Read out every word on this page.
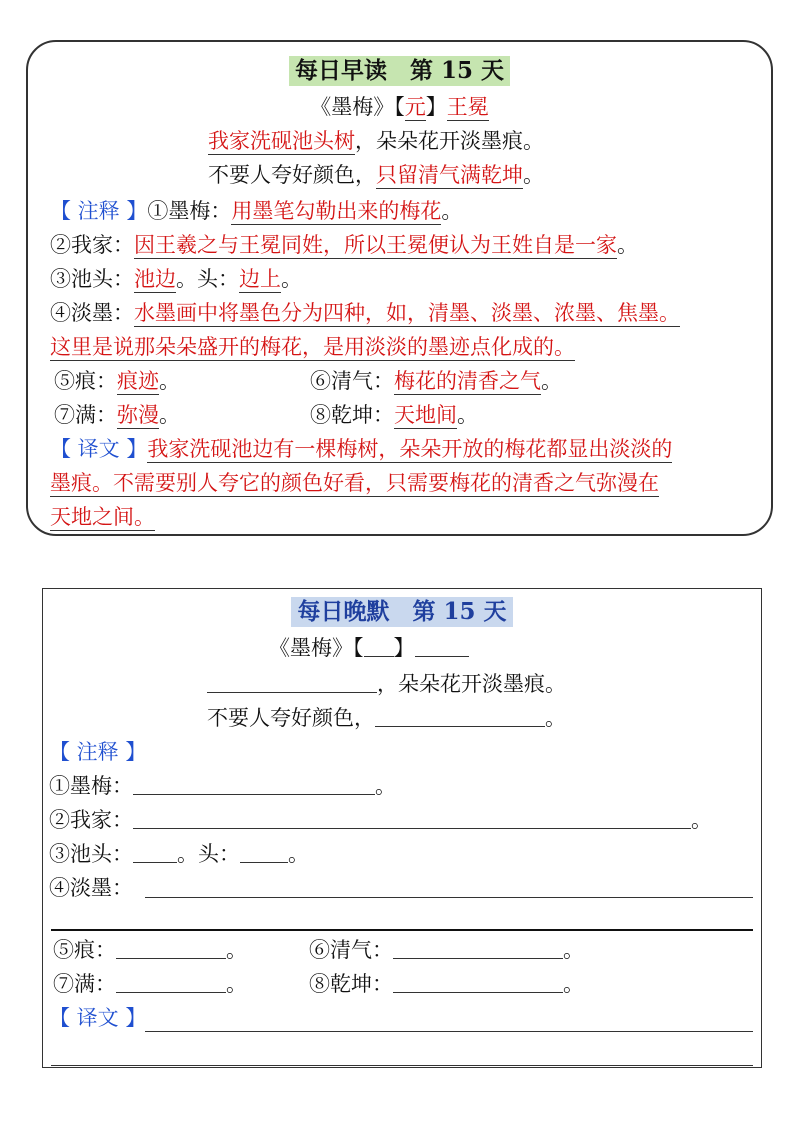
每日早读　第 15 天
《墨梅》【元】王冕
我家洗砚池头树，朵朵花开淡墨痕。
不要人夸好颜色，只留清气满乾坤。
【 注释 】①墨梅：用墨笔勾勒出来的梅花。
②我家：因王羲之与王冕同姓，所以王冕便认为王姓自是一家。
③池头：池边。头：边上。
④淡墨：水墨画中将墨色分为四种，如，清墨、淡墨、浓墨、焦墨。
这里是说那朵朵盛开的梅花，是用淡淡的墨迹点化成的。
⑤痕：痕迹。	⑥清气：梅花的清香之气。
⑦满：弥漫。	⑧乾坤：天地间。
【 译文 】我家洗砚池边有一棵梅树，朵朵开放的梅花都显出淡淡的
墨痕。不需要别人夸它的颜色好看，只需要梅花的清香之气弥漫在
天地之间。
每日晚默　第 15 天
《墨梅》【 】
，朵朵花开淡墨痕。
不要人夸好颜色，	。
【 注释 】
①墨梅：	。
②我家：	。
③池头： 。头： 。
④淡墨：
⑤痕：	。	⑥清气：	。
⑦满：	。	⑧乾坤：	。
【 译文 】
